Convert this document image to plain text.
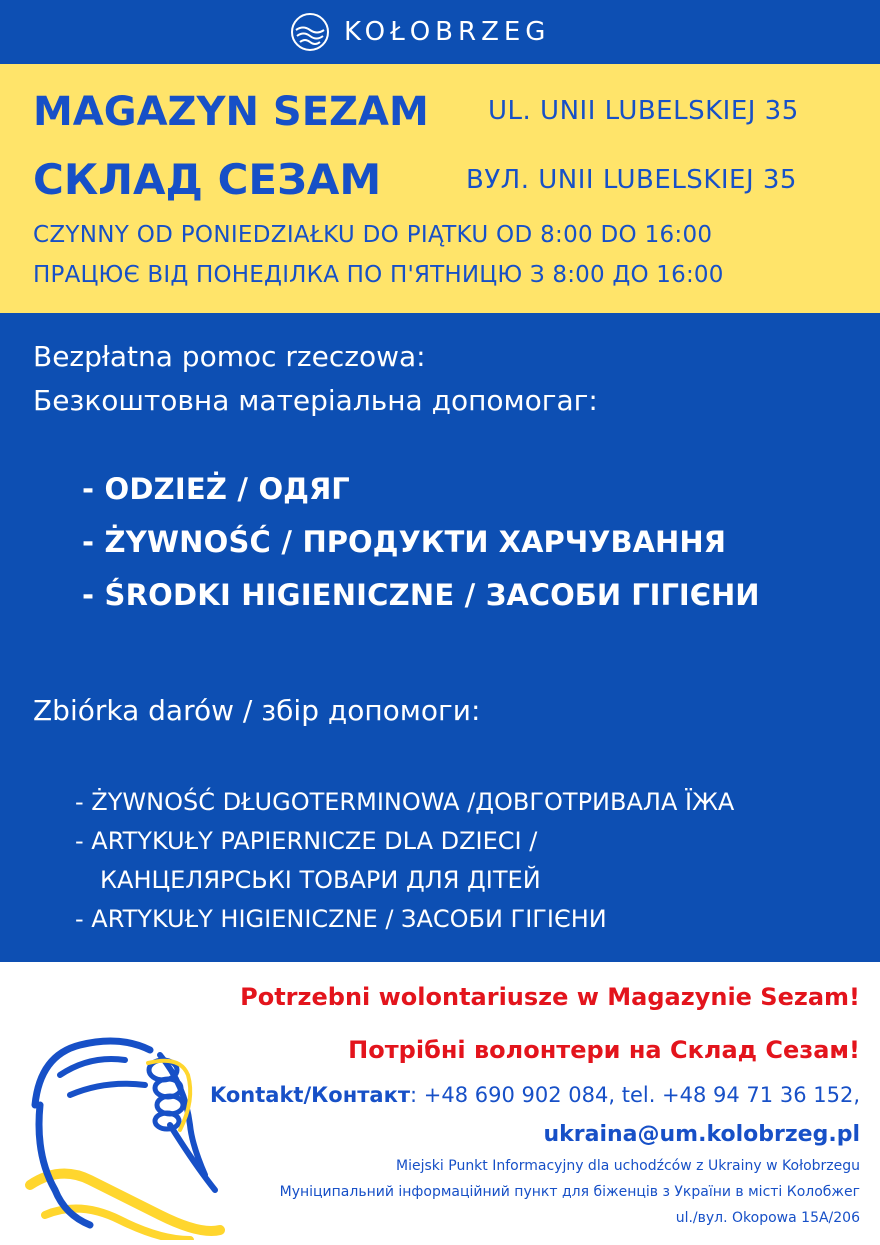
KOŁOBRZEG
MAGAZYN SEZAM UL. UNII LUBELSKIEJ 35
СКЛАД СЕЗАМ	ВУЛ. UNII LUBELSKIEJ 35
CZYNNY OD PONIEDZIAŁKU DO PIĄTKU OD 8:00 DO 16:00
ПРАЦЮЄ ВІД ПОНЕДІЛКА ПО П'ЯТНИЦЮ З 8:00 ДО 16:00
Bezpłatna pomoc rzeczowa:
Безкоштовна матеріальна допомогаг:
- ODZIEŻ / ОДЯГ
- ŻYWNOŚĆ / ПРОДУКТИ ХАРЧУВАННЯ
- ŚRODKI HIGIENICZNE / ЗАСОБИ ГІГІЄНИ
Zbiórka darów / збір допомоги:
- ŻYWNOŚĆ DŁUGOTERMINOWA /ДОВГОТРИВАЛА ЇЖА
- ARTYKUŁY PAPIERNICZE DLA DZIECI /
КАНЦЕЛЯРСЬКІ ТОВАРИ ДЛЯ ДІТЕЙ
- ARTYKUŁY HIGIENICZNE / ЗАСОБИ ГІГІЄНИ
Potrzebni wolontariusze w Magazynie Sezam!
Потрібні волонтери на Склад Сезам!
Kontakt/Контакт: +48 690 902 084, tel. +48 94 71 36 152,
ukraina@um.kolobrzeg.pl
Miejski Punkt Informacyjny dla uchodźców z Ukrainy w Kołobrzegu
Муніципальний інформаційний пункт для біженців з України в місті Колобжег
ul./вул. Okopowa 15A/206
